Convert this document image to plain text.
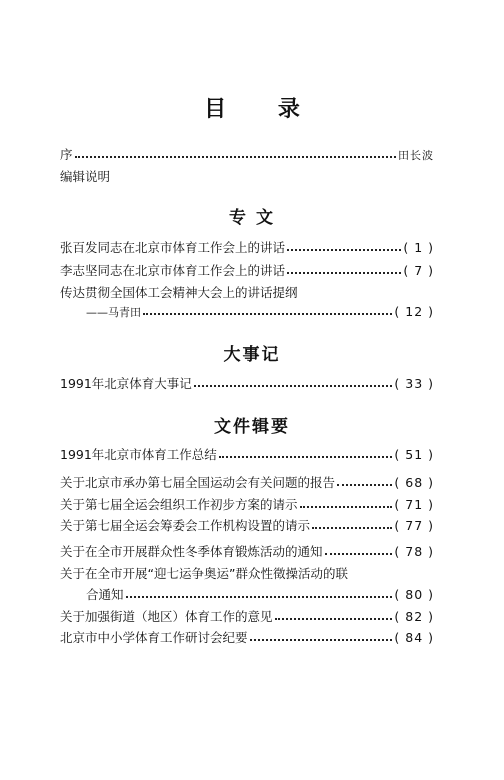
目 录
序	田长波
编辑说明
专 文
张百发同志在北京市体育工作会上的讲话	( 1 )
李志坚同志在北京市体育工作会上的讲话	( 7 )
传达贯彻全国体工会精神大会上的讲话提纲
——马青田	( 12 )
大事记
1991年北京体育大事记	( 33 )
文件辑要
1991年北京市体育工作总结	( 51 )
关于北京市承办第七届全国运动会有关问题的报告	( 68 )
关于第七届全运会组织工作初步方案的请示	( 71 )
关于第七届全运会筹委会工作机构设置的请示	( 77 )
关于在全市开展群众性冬季体育锻炼活动的通知	( 78 )
关于在全市开展“迎七运争奥运”群众性徵操活动的联
合通知	( 80 )
关于加强街道（地区）体育工作的意见	( 82 )
北京市中小学体育工作研讨会纪要	( 84 )
